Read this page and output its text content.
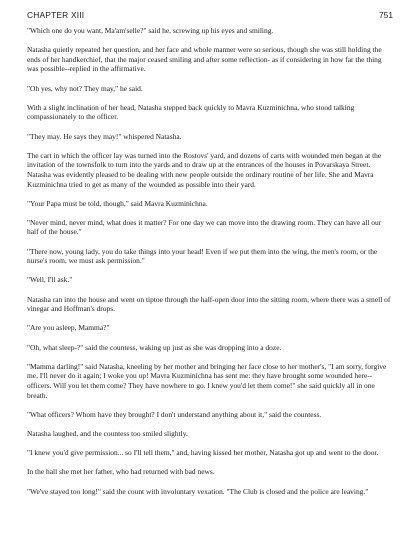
CHAPTER XIII	751

"Which one do you want, Ma'am'selle?" said he, screwing up his eyes and smiling.

Natasha quietly repeated her question, and her face and whole manner were so serious, though she was still holding the ends of her handkerchief, that the major ceased smiling and after some reflection- as if considering in how far the thing was possible--replied in the affirmative.

"Oh yes, why not? They may," he said.

With a slight inclination of her head, Natasha stepped back quickly to Mavra Kuzminichna, who stood talking compassionately to the officer.

"They may. He says they may!" whispered Natasha.

The cart in which the officer lay was turned into the Rostovs' yard, and dozens of carts with wounded men began at the invitation of the townsfolk to turn into the yards and to draw up at the entrances of the houses in Povarskaya Street. Natasha was evidently pleased to be dealing with new people outside the ordinary routine of her life. She and Mavra Kuzminichna tried to get as many of the wounded as possible into their yard.

"Your Papa must be told, though," said Mavra Kuzminichna.

"Never mind, never mind, what does it matter? For one day we can move into the drawing room. They can have all our half of the house."

"There now, young lady, you do take things into your head! Even if we put them into the wing, the men's room, or the nurse's room, we must ask permission."

"Well, I'll ask."

Natasha ran into the house and went on tiptoe through the half-open door into the sitting room, where there was a smell of vinegar and Hoffman's drops.

"Are you asleep, Mamma?"

"Oh, what sleep-?" said the countess, waking up just as she was dropping into a doze.

"Mamma darling!" said Natasha, kneeling by her mother and bringing her face close to her mother's, "I am sorry, forgive me, I'll never do it again; I woke you up! Mavra Kuzminichna has sent me: they have brought some wounded here--officers. Will you let them come? They have nowhere to go. I knew you'd let them come!" she said quickly all in one breath.

"What officers? Whom have they brought? I don't understand anything about it," said the countess.

Natasha laughed, and the countess too smiled slightly.

"I knew you'd give permission... so I'll tell them," and, having kissed her mother, Natasha got up and went to the door.

In the hall she met her father, who had returned with bad news.

"We've stayed too long!" said the count with involuntary vexation. "The Club is closed and the police are leaving."
